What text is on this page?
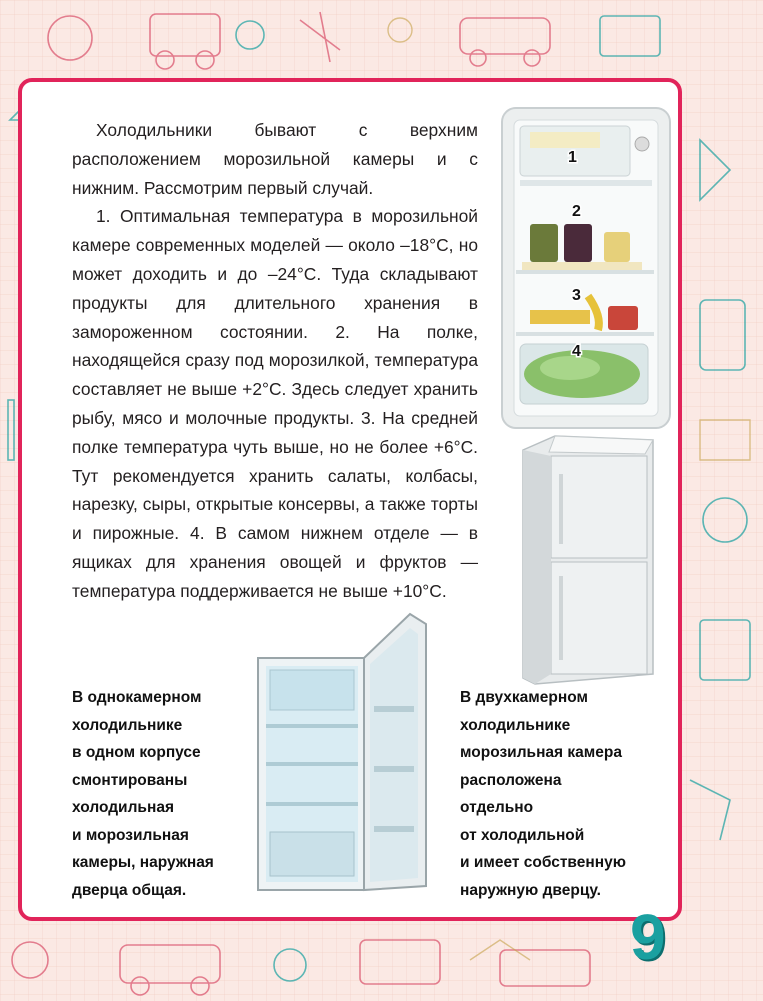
Холодильники бывают с верхним расположением морозильной камеры и с нижним. Рассмотрим первый случай.

1. Оптимальная температура в морозильной камере современных моделей — около –18°С, но может доходить и до –24°С. Туда складывают продукты для длительного хранения в замороженном состоянии. 2. На полке, находящейся сразу под морозилкой, температура составляет не выше +2°С. Здесь следует хранить рыбу, мясо и молочные продукты. 3. На средней полке температура чуть выше, но не более +6°С. Тут рекомендуется хранить салаты, колбасы, нарезку, сыры, открытые консервы, а также торты и пирожные. 4. В самом нижнем отделе — в ящиках для хранения овощей и фруктов — температура поддерживается не выше +10°С.

1
2
3
4
В однокамерном
холодильнике
в одном корпусе
смонтированы
холодильная
и морозильная
камеры, наружная
дверца общая.
В двухкамерном
холодильнике
морозильная камера
расположена
отдельно
от холодильной
и имеет собственную
наружную дверцу.
9
